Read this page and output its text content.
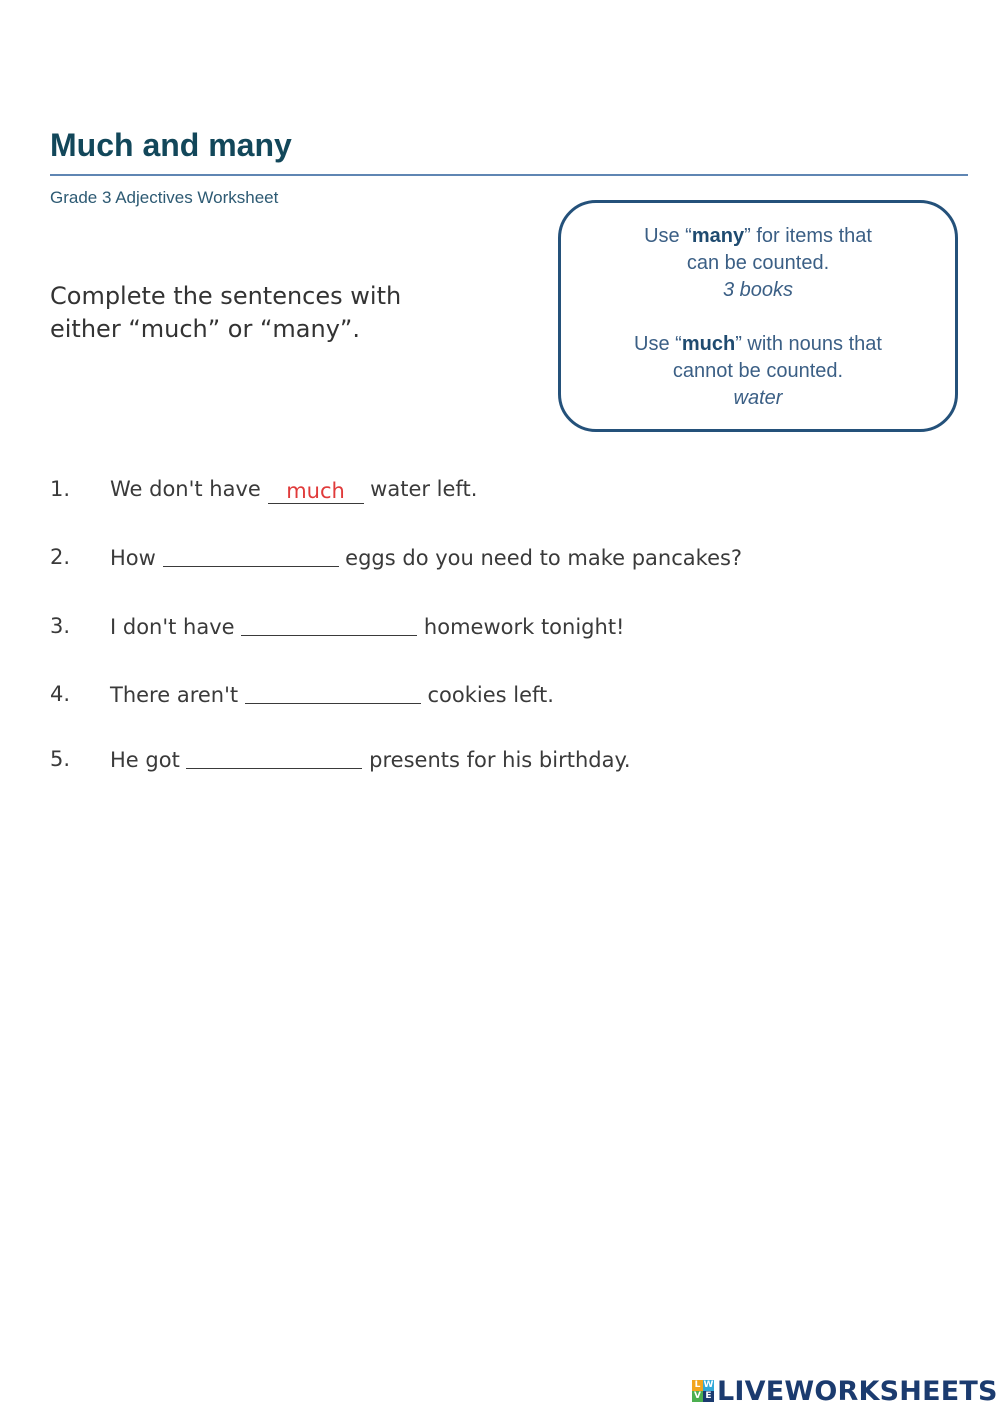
Much and many
Grade 3 Adjectives Worksheet
Complete the sentences with
either “much” or “many”.

Use “many” for items that

can be counted.

3 books

Use “much” with nouns that

cannot be counted.

water

1. We don't have much water left.
2. How	eggs do you need to make pancakes?
3. I don't have	homework tonight!
4. There aren't	cookies left.
5. He got	presents for his birthday.
L W
V E LIVEWORKSHEETS
